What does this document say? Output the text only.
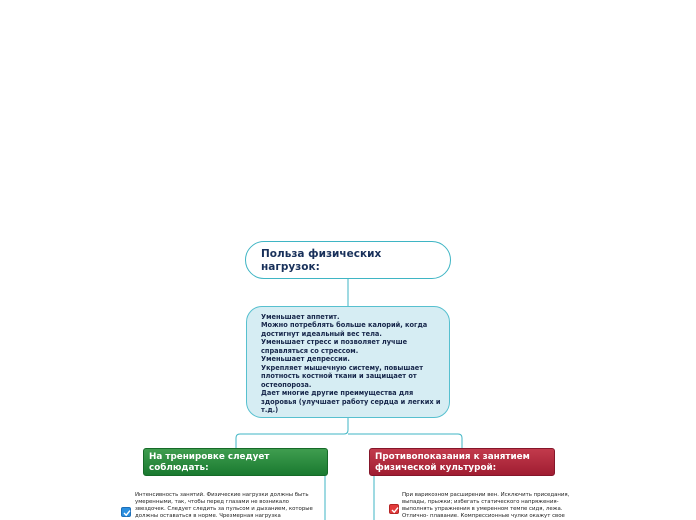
Польза физических нагрузок:
Уменьшает аппетит.
Можно потреблять больше калорий, когда достигнут идеальный вес тела.
Уменьшает стресс и позволяет лучше справляться со стрессом.
Уменьшает депрессии.
Укрепляет мышечную систему, повышает плотность костной ткани и защищает от остеопороза.
Дает многие другие преимущества для здоровья (улучшает работу сердца и легких и т.д.)
На тренировке следует соблюдать:
Противопоказания к занятием физической культурой:
Интенсивность занятий. Физические нагрузки должны быть умеренными, так, чтобы перед глазами не возникало звездочек. Следует следить за пульсом и дыханием, которые должны оставаться в норме. Чрезмерная нагрузка
При варикозном расширении вен. Исключить приседания, выпады, прыжки; избегать статического напряжения- выполнять упражнения в умеренном темпе сидя, лежа. Отлично- плавание. Компрессионные чулки окажут свое
